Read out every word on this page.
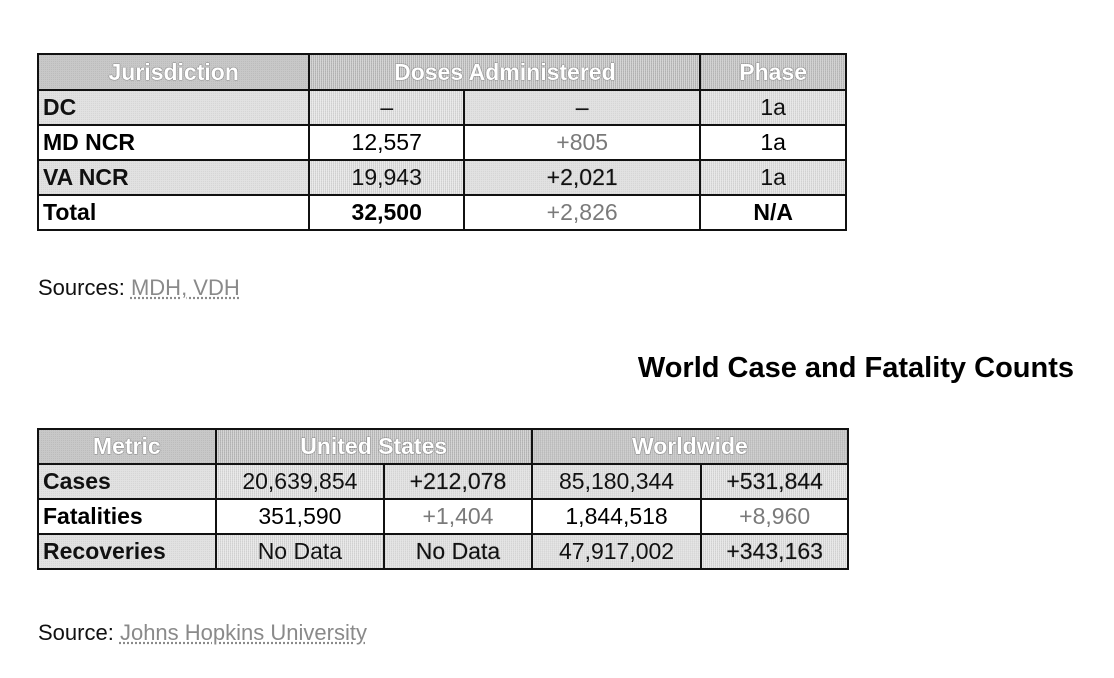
Jurisdiction	Doses Administered		Phase
DC	–	–	1a
MD NCR	12,557	+805	1a
VA NCR	19,943	+2,021	1a
Total	32,500	+2,826	N/A
Sources: MDH, VDH
World Case and Fatality Counts
Metric	United States		Worldwide	
Cases	20,639,854	+212,078	85,180,344	+531,844
Fatalities	351,590	+1,404	1,844,518	+8,960
Recoveries	No Data	No Data	47,917,002	+343,163
Source: Johns Hopkins University
